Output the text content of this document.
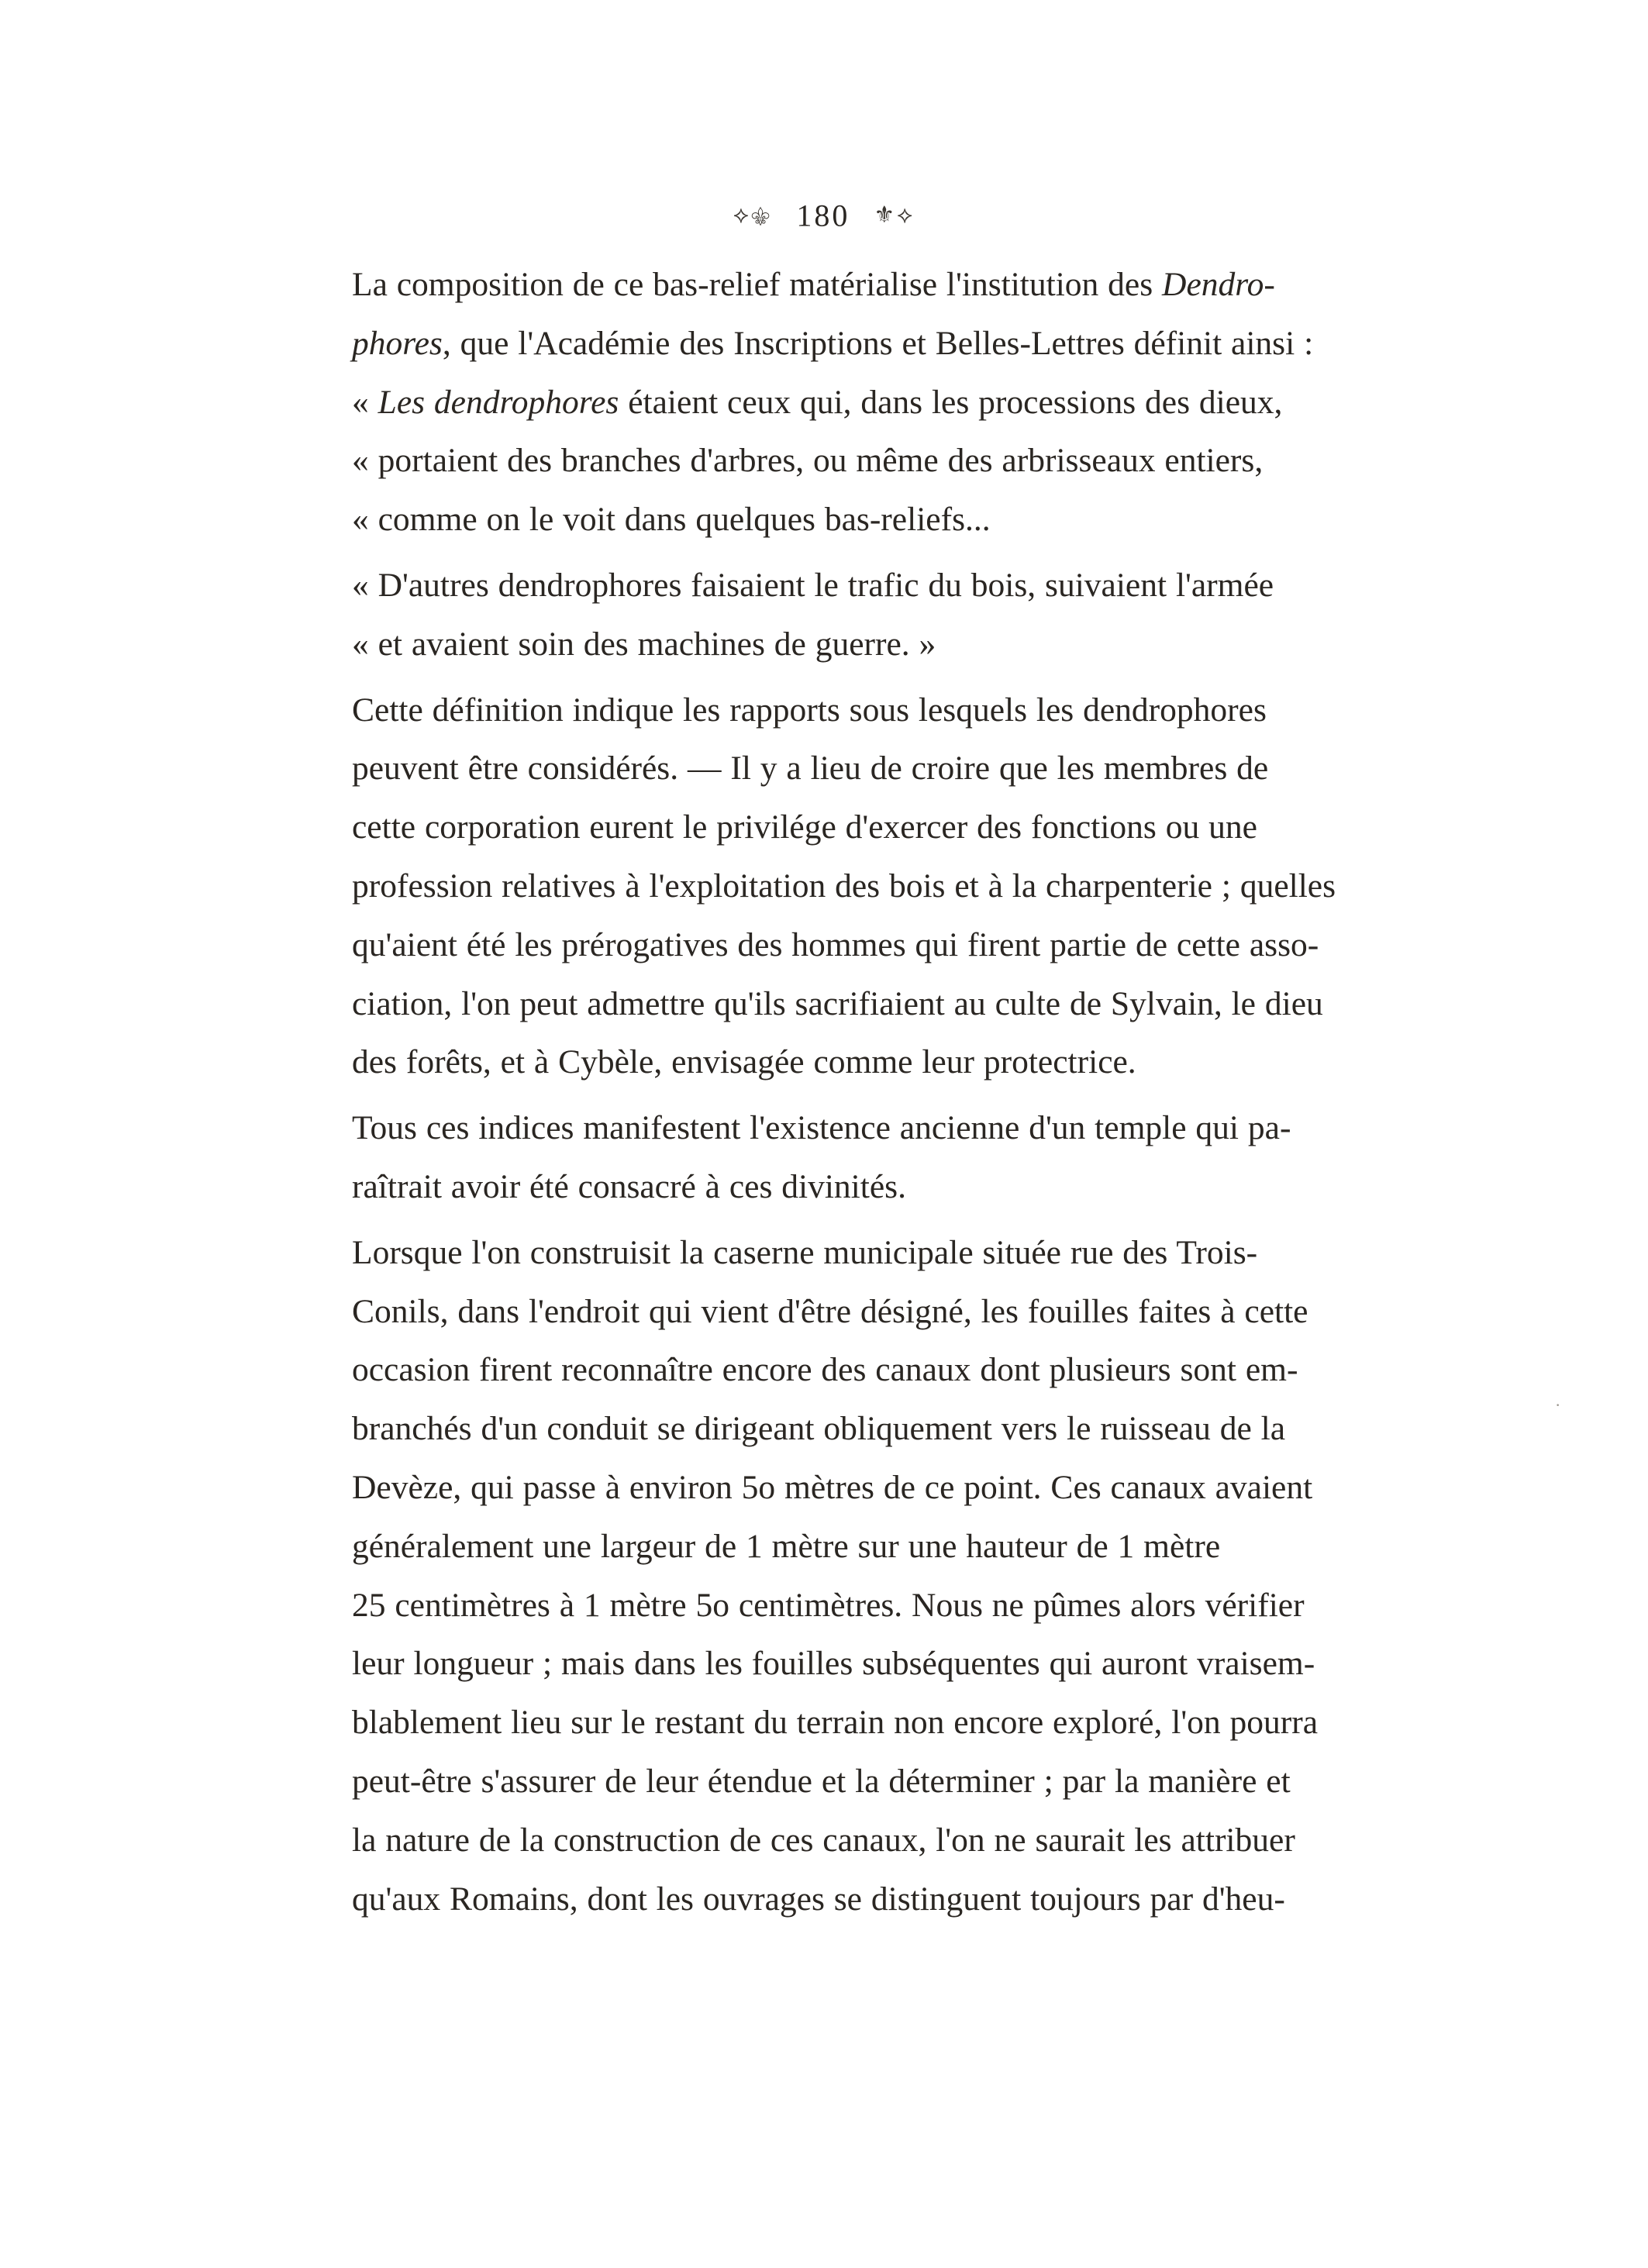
⟡⚜ 180 ⚜⟡

La composition de ce bas-relief matérialise l'institution des Dendro-
phores, que l'Académie des Inscriptions et Belles-Lettres définit ainsi :
« Les dendrophores étaient ceux qui, dans les processions des dieux,
« portaient des branches d'arbres, ou même des arbrisseaux entiers,
« comme on le voit dans quelques bas-reliefs...

« D'autres dendrophores faisaient le trafic du bois, suivaient l'armée
« et avaient soin des machines de guerre. »

Cette définition indique les rapports sous lesquels les dendrophores
peuvent être considérés. — Il y a lieu de croire que les membres de
cette corporation eurent le privilége d'exercer des fonctions ou une
profession relatives à l'exploitation des bois et à la charpenterie ; quelles
qu'aient été les prérogatives des hommes qui firent partie de cette asso-
ciation, l'on peut admettre qu'ils sacrifiaient au culte de Sylvain, le dieu
des forêts, et à Cybèle, envisagée comme leur protectrice.

Tous ces indices manifestent l'existence ancienne d'un temple qui pa-
raîtrait avoir été consacré à ces divinités.

Lorsque l'on construisit la caserne municipale située rue des Trois-
Conils, dans l'endroit qui vient d'être désigné, les fouilles faites à cette
occasion firent reconnaître encore des canaux dont plusieurs sont em-
branchés d'un conduit se dirigeant obliquement vers le ruisseau de la
Devèze, qui passe à environ 5o mètres de ce point. Ces canaux avaient
généralement une largeur de 1 mètre sur une hauteur de 1 mètre
25 centimètres à 1 mètre 5o centimètres. Nous ne pûmes alors vérifier
leur longueur ; mais dans les fouilles subséquentes qui auront vraisem-
blablement lieu sur le restant du terrain non encore exploré, l'on pourra
peut-être s'assurer de leur étendue et la déterminer ; par la manière et
la nature de la construction de ces canaux, l'on ne saurait les attribuer
qu'aux Romains, dont les ouvrages se distinguent toujours par d'heu-

·
